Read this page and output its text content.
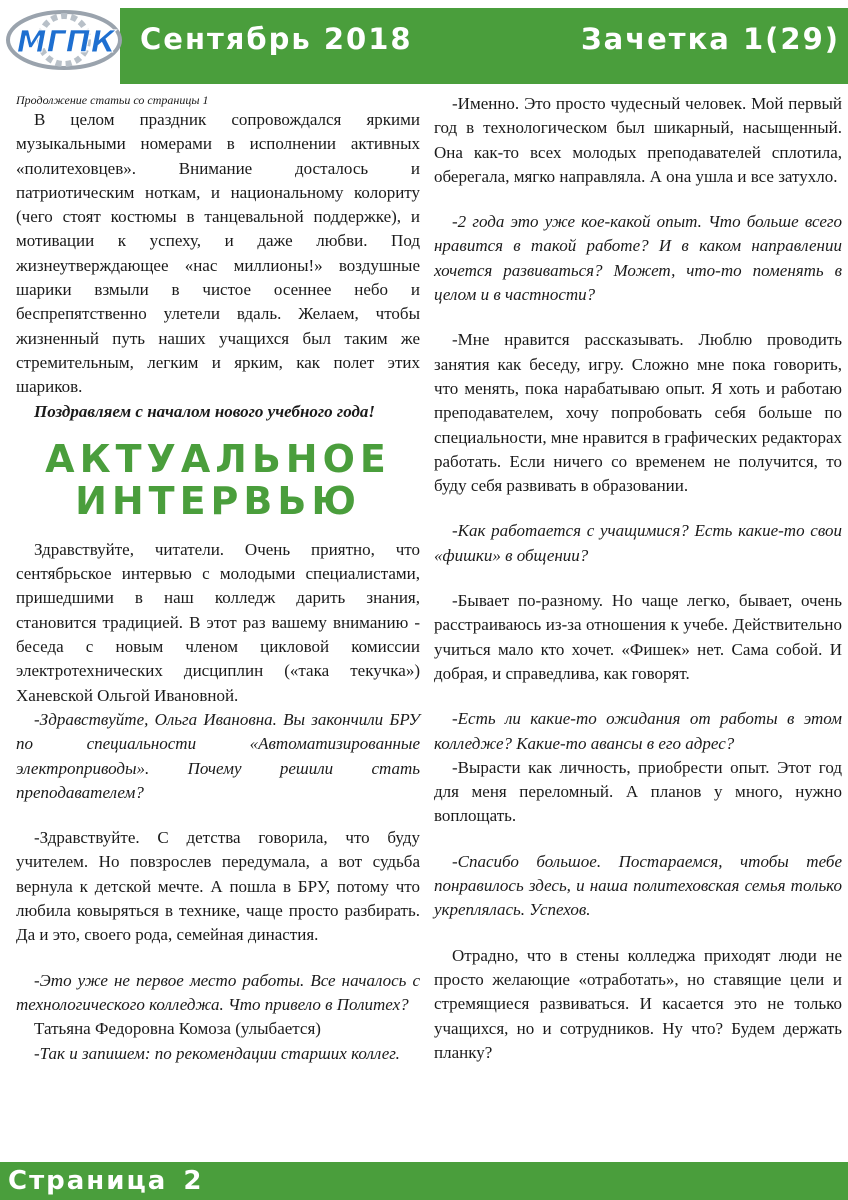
МГПК Сентябрь 2018	Зачетка 1(29)

Продолжение статьи со страницы 1

В целом праздник сопровождался яркими музыкальными номерами в исполнении активных «политеховцев». Внимание досталось и патриотическим ноткам, и национальному колориту (чего стоят костюмы в танцевальной поддержке), и мотивации к успеху, и даже любви. Под жизнеутверждающее «нас миллионы!» воздушные шарики взмыли в чистое осеннее небо и беспрепятственно улетели вдаль. Желаем, чтобы жизненный путь наших учащихся был таким же стремительным, легким и ярким, как полет этих шариков.

Поздравляем с началом нового учебного года!

АКТУАЛЬНОЕ ИНТЕРВЬЮ

Здравствуйте, читатели. Очень приятно, что сентябрьское интервью с молодыми специалистами, пришедшими в наш колледж дарить знания, становится традицией. В этот раз вашему вниманию - беседа с новым членом цикловой комиссии электротехнических дисциплин («така текучка») Ханевской Ольгой Ивановной.

-Здравствуйте, Ольга Ивановна. Вы закончили БРУ по специальности «Автоматизированные электроприводы». Почему решили стать преподавателем?

-Здравствуйте. С детства говорила, что буду учителем. Но повзрослев передумала, а вот судьба вернула к детской мечте. А пошла в БРУ, потому что любила ковыряться в технике, чаще просто разбирать. Да и это, своего рода, семейная династия.

-Это уже не первое место работы. Все началось с технологического колледжа. Что привело в Политех?

Татьяна Федоровна Комоза (улыбается)

-Так и запишем: по рекомендации старших коллег.

-Именно. Это просто чудесный человек. Мой первый год в технологическом был шикарный, насыщенный. Она как-то всех молодых преподавателей сплотила, оберегала, мягко направляла. А она ушла и все затухло.

-2 года это уже кое-какой опыт. Что больше всего нравится в такой работе? И в каком направлении хочется развиваться? Может, что-то поменять в целом и в частности?

-Мне нравится рассказывать. Люблю проводить занятия как беседу, игру. Сложно мне пока говорить, что менять, пока нарабатываю опыт. Я хоть и работаю преподавателем, хочу попробовать себя больше по специальности, мне нравится в графических редакторах работать. Если ничего со временем не получится, то буду себя развивать в образовании.

-Как работается с учащимися? Есть какие-то свои «фишки» в общении?

-Бывает по-разному. Но чаще легко, бывает, очень расстраиваюсь из-за отношения к учебе. Действительно учиться мало кто хочет. «Фишек» нет. Сама собой. И добрая, и справедлива, как говорят.

-Есть ли какие-то ожидания от работы в этом колледже? Какие-то авансы в его адрес?

-Вырасти как личность, приобрести опыт. Этот год для меня переломный. А планов у много, нужно воплощать.

-Спасибо большое. Постараемся, чтобы тебе понравилось здесь, и наша политеховская семья только укреплялась. Успехов.

Отрадно, что в стены колледжа приходят люди не просто желающие «отработать», но ставящие цели и стремящиеся развиваться. И касается это не только учащихся, но и сотрудников. Ну что? Будем держать планку?

Страница 2
